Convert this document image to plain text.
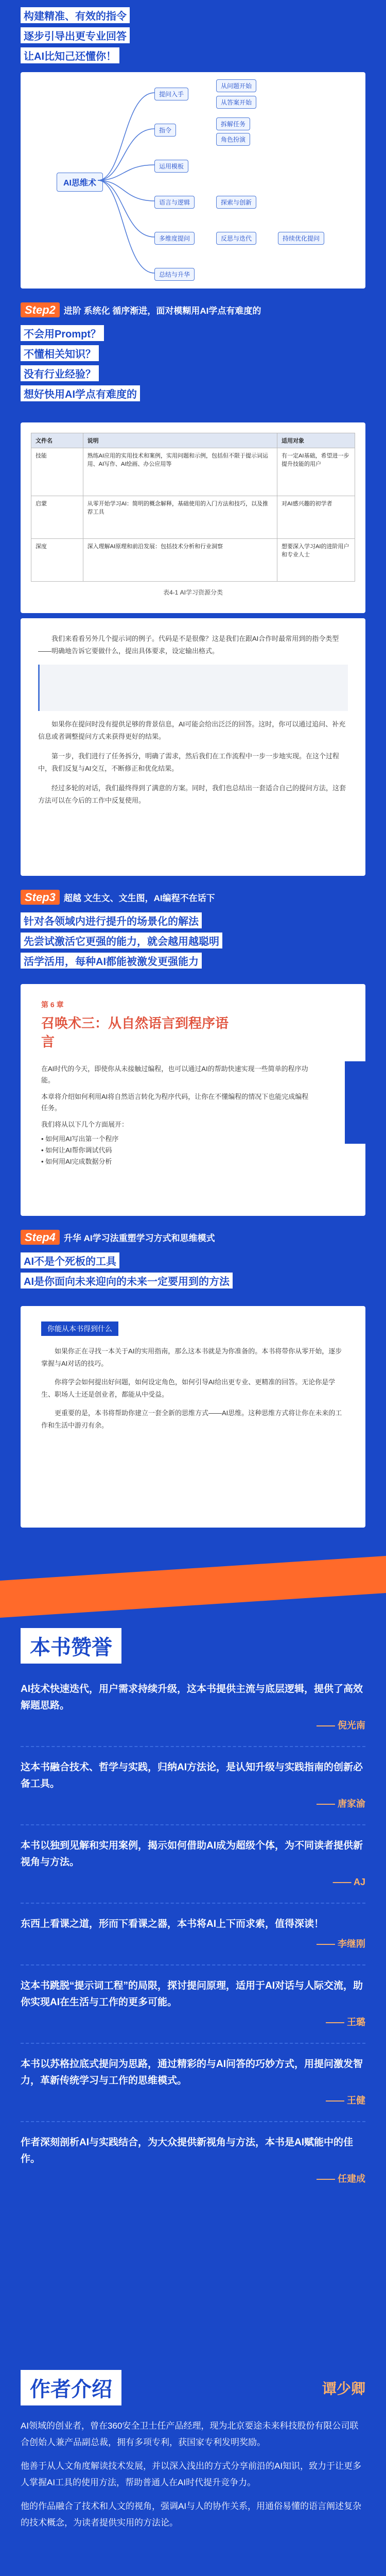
构建精准、有效的指令
逐步引导出更专业回答
让AI比知己还懂你！
AI思维术
提问入手
从问题开始
从答案开始
指令
拆解任务
角色扮演
运用模板
语言与逻辑	探索与创新
多维度提问	反思与迭代	持续优化提问
总结与升华
Step2 进阶 系统化 循序渐进，面对模糊用AI学点有难度的
不会用Prompt？
不懂相关知识？
没有行业经验？
想好快用AI学点有难度的
文件名	说明	适用对象
技能	熟练AI应用的实用技术和案例，实用问题和示例，包括但不限于提示词运用、AI写作、AI绘画、办公应用等	有一定AI基础，希望进一步提升技能的用户
启蒙	从零开始学习AI：简明的概念解释，基础使用的入门方法和技巧，以及推荐工具	对AI感兴趣的初学者
深度	深入理解AI原理和前沿发展：包括技术分析和行业洞察	想要深入学习AI的进阶用户和专业人士
表4-1 AI学习资源分类

我们来看看另外几个提示词的例子。代码是不是很像？这是我们在跟AI合作时最常用到的指令类型——明确地告诉它要做什么，提出具体要求，设定输出格式。

如果你在提问时没有提供足够的背景信息，AI可能会给出泛泛的回答。这时，你可以通过追问、补充信息或者调整提问方式来获得更好的结果。

第一步，我们进行了任务拆分，明确了需求，然后我们在工作流程中一步一步地实现。在这个过程中，我们反复与AI交互，不断修正和优化结果。

经过多轮的对话，我们最终得到了满意的方案。同时，我们也总结出一套适合自己的提问方法，这套方法可以在今后的工作中反复使用。

Step3 超越 文生文、文生图，AI编程不在话下
针对各领域内进行提升的场景化的解法
先尝试激活它更强的能力，就会越用越聪明
活学活用，每种AI都能被激发更强能力
第 6 章
召唤术三：从自然语言到程序语言

在AI时代的今天，即使你从未接触过编程，也可以通过AI的帮助快速实现一些简单的程序功能。

本章将介绍如何利用AI将自然语言转化为程序代码，让你在不懂编程的情况下也能完成编程任务。

我们将从以下几个方面展开：

• 如何用AI写出第一个程序
• 如何让AI帮你调试代码
• 如何用AI完成数据分析
Step4 升华 AI学习法重塑学习方式和思维模式
AI不是个死板的工具
AI是你面向未来迎向的未来一定要用到的方法
你能从本书得到什么

如果你正在寻找一本关于AI的实用指南，那么这本书就是为你准备的。本书将带你从零开始，逐步掌握与AI对话的技巧。

你将学会如何提出好问题，如何设定角色，如何引导AI给出更专业、更精准的回答。无论你是学生、职场人士还是创业者，都能从中受益。

更重要的是，本书将帮助你建立一套全新的思维方式——AI思维。这种思维方式将让你在未来的工作和生活中游刃有余。

本书赞誉
AI技术快速迭代，用户需求持续升级，这本书提供主流与底层逻辑，提供了高效解题思路。
—— 倪光南
这本书融合技术、哲学与实践，归纳AI方法论，是认知升级与实践指南的创新必备工具。
—— 唐家渝
本书以独到见解和实用案例，揭示如何借助AI成为超级个体，为不同读者提供新视角与方法。
—— AJ
东西上看课之道，形而下看课之器，本书将AI上下而求索，值得深读！
—— 李继刚
这本书跳脱“提示词工程”的局限，探讨提问原理，适用于AI对话与人际交流，助你实现AI在生活与工作的更多可能。
—— 王璐
本书以苏格拉底式提问为思路，通过精彩的与AI问答的巧妙方式，用提问激发智力，革新传统学习与工作的思维模式。
—— 王健
作者深刻剖析AI与实践结合，为大众提供新视角与方法，本书是AI赋能中的佳作。
—— 任建成
作者介绍	谭少卿

AI领域的创业者，曾在360安全卫士任产品经理，现为北京要途未来科技股份有限公司联合创始人兼产品副总裁，拥有多项专利，获国家专利发明奖励。

他善于从人文角度解读技术发展，并以深入浅出的方式分享前沿的AI知识，致力于让更多人掌握AI工具的使用方法，帮助普通人在AI时代提升竞争力。

他的作品融合了技术和人文的视角，强调AI与人的协作关系，用通俗易懂的语言阐述复杂的技术概念，为读者提供实用的方法论。
